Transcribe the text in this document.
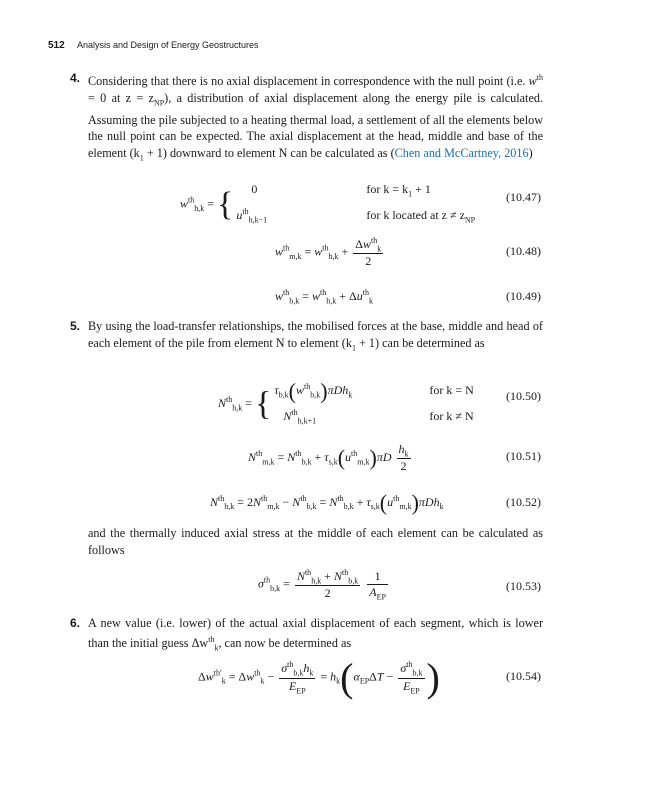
512 Analysis and Design of Energy Geostructures
4. Considering that there is no axial displacement in correspondence with the null point (i.e. $w^{th} = 0$ at $z = z_{NP}$), a distribution of axial displacement along the energy pile is calculated. Assuming the pile subjected to a heating thermal load, a settlement of all the elements below the null point can be expected. The axial displacement at the head, middle and base of the element $(k_1 + 1)$ downward to element N can be calculated as (Chen and McCartney, 2016)
$w^{th}_{h,k}$ = { 0	for $k = k_1 + 1$
$u^{th}_{h,k-1}$	for k located at $z \ne z_{NP}$
(10.47)
$w^{th}_{m,k} = w^{th}_{h,k} + \frac{\Delta w^{th}_k}{2}$	(10.48)
$w^{th}_{b,k} = w^{th}_{h,k} + \Delta u^{th}_k$	(10.49)
5. By using the load-transfer relationships, the mobilised forces at the base, middle and head of each element of the pile from element N to element $(k_1 + 1)$ can be determined as
$N^{th}_{h,k}$ = { $\tau_{b,k}(w^{th}_{b,k})\pi Dh_k$	for k = N
$N^{th}_{h,k+1}$	for k ≠ N
(10.50)
$N^{th}_{m,k} = N^{th}_{b,k} + \tau_{s,k}(u^{th}_{m,k})\pi D \frac{h_k}{2}$	(10.51)
$N^{th}_{h,k} = 2N^{th}_{m,k} - N^{th}_{b,k} = N^{th}_{b,k} + \tau_{s,k}(u^{th}_{m,k})\pi Dh_k$	(10.52)
and the thermally induced axial stress at the middle of each element can be calculated as follows
$\sigma^{th}_{b,k} = \frac{N^{th}_{h,k} + N^{th}_{b,k}}{2}$
$\frac{1}{A_{EP}}$	(10.53)
6. A new value (i.e. lower) of the actual axial displacement of each segment, which is lower than the initial guess $\Delta w^{th}_k$, can now be determined as
$\Delta w^{th'}_k = \Delta w^{th}_k - \frac{\sigma^{th}_{b,k}h_k}{E_{EP}} = h_k(\alpha_{EP}\Delta T - \frac{\sigma^{th}_{b,k}}{E_{EP}}$ )	(10.54)
